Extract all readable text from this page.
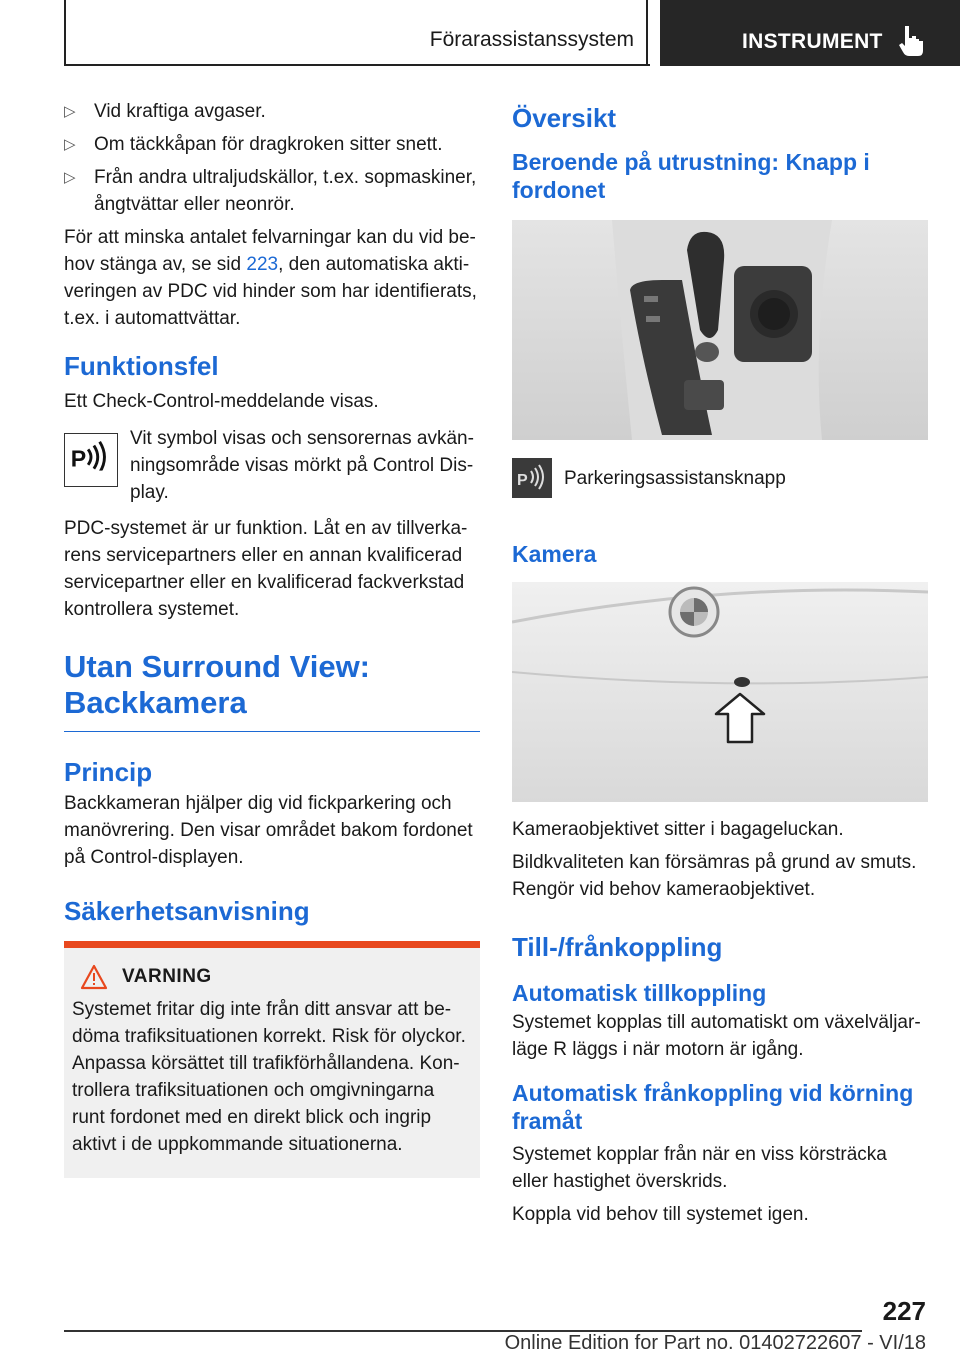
Förarassistanssystem	INSTRUMENT

▷ Vid kraftiga avgaser.

▷ Om täckkåpan för dragkroken sitter snett.

▷ Från andra ultraljudskällor, t.ex. sopmaskiner, ångtvättar eller neonrör.

För att minska antalet felvarningar kan du vid be-hov stänga av, se sid 223, den automatiska akti-veringen av PDC vid hinder som har identifierats, t.ex. i automattvättar.

Funktionsfel

Ett Check-Control-meddelande visas.

P

Vit symbol visas och sensorernas avkän-ningsområde visas mörkt på Control Dis-play.

PDC-systemet är ur funktion. Låt en av tillverka-rens servicepartners eller en annan kvalificerad servicepartner eller en kvalificerad fackverkstad kontrollera systemet.

Utan Surround View: Backkamera
Princip

Backkameran hjälper dig vid fickparkering och manövrering. Den visar området bakom fordonet på Control-displayen.

Säkerhetsanvisning
VARNING

Systemet fritar dig inte från ditt ansvar att be-döma trafiksituationen korrekt. Risk för olyckor. Anpassa körsättet till trafikförhållandena. Kon-trollera trafiksituationen och omgivningarna runt fordonet med en direkt blick och ingrip aktivt i de uppkommande situationerna.

Översikt
Beroende på utrustning: Knapp i fordonet
P Parkeringsassistansknapp

Kamera

Kameraobjektivet sitter i bagageluckan.

Bildkvaliteten kan försämras på grund av smuts. Rengör vid behov kameraobjektivet.

Till-/frånkoppling
Automatisk tillkoppling

Systemet kopplas till automatiskt om växelväljar-läge R läggs i när motorn är igång.

Automatisk frånkoppling vid körning framåt

Systemet kopplar från när en viss körsträcka eller hastighet överskrids.

Koppla vid behov till systemet igen.

227
Online Edition for Part no. 01402722607 - VI/18
